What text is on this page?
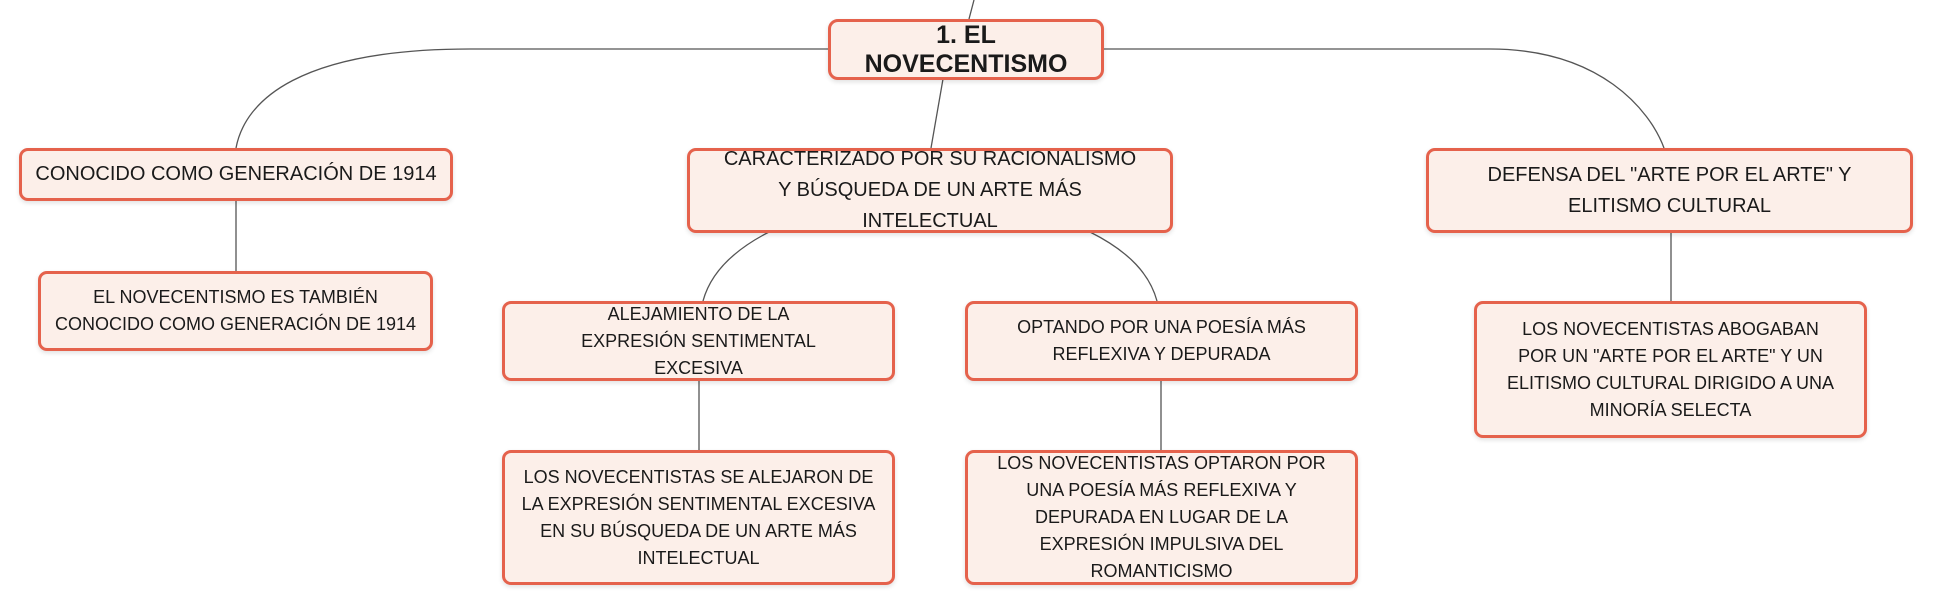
1. EL NOVECENTISMO
CONOCIDO COMO GENERACIÓN DE 1914
CARACTERIZADO POR SU RACIONALISMO Y BÚSQUEDA DE UN ARTE MÁS INTELECTUAL
DEFENSA DEL "ARTE POR EL ARTE" Y ELITISMO CULTURAL
EL NOVECENTISMO ES TAMBIÉN CONOCIDO COMO GENERACIÓN DE 1914
ALEJAMIENTO DE LA EXPRESIÓN SENTIMENTAL EXCESIVA
OPTANDO POR UNA POESÍA MÁS REFLEXIVA Y DEPURADA
LOS NOVECENTISTAS ABOGABAN POR UN "ARTE POR EL ARTE" Y UN ELITISMO CULTURAL DIRIGIDO A UNA MINORÍA SELECTA
LOS NOVECENTISTAS SE ALEJARON DE LA EXPRESIÓN SENTIMENTAL EXCESIVA EN SU BÚSQUEDA DE UN ARTE MÁS INTELECTUAL
LOS NOVECENTISTAS OPTARON POR UNA POESÍA MÁS REFLEXIVA Y DEPURADA EN LUGAR DE LA EXPRESIÓN IMPULSIVA DEL ROMANTICISMO
